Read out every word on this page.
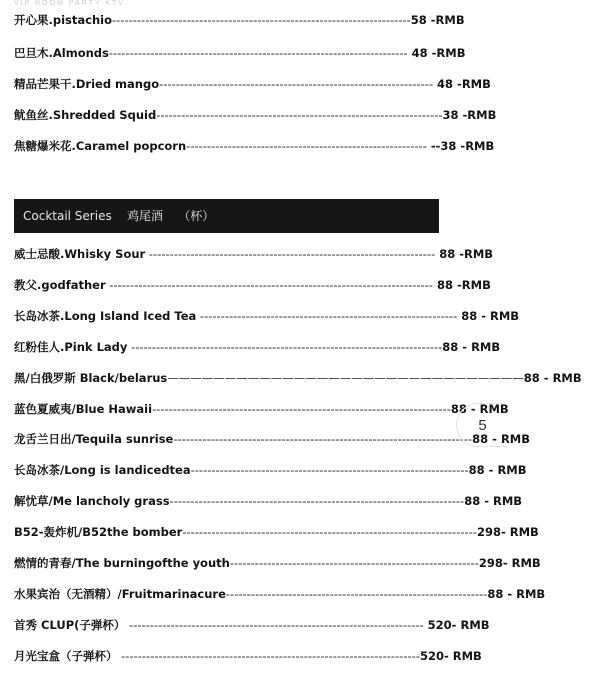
VIP ROOM PARTY KTV
开心果.pistachio------------------------------------------------------------------------58 -RMB
巴旦木.Almonds------------------------------------------------------------------------ 48 -RMB
精品芒果干.Dried mango------------------------------------------------------------------ 48 -RMB
鱿鱼丝.Shredded Squid---------------------------------------------------------------------38 -RMB
焦糖爆米花.Caramel popcorn---------------------------------------------------------- --38 -RMB
Cocktail Series 鸡尾酒 （杯）
威士忌酸.Whisky Sour --------------------------------------------------------------------- 88 -RMB
教父.godfather ------------------------------------------------------------------------------ 88 -RMB
长岛冰茶.Long Island Iced Tea -------------------------------------------------------------- 88 - RMB
红粉佳人.Pink Lady ---------------------------------------------------------------------------88 - RMB
黑/白俄罗斯 Black/belarus———————————————————————————————88 - RMB
蓝色夏威夷/Blue Hawaii------------------------------------------------------------------------88 - RMB
龙舌兰日出/Tequila sunrise------------------------------------------------------------------------88 - RMB
长岛冰茶/Long is landicedtea-------------------------------------------------------------------88 - RMB
解忧草/Me lancholy grass-----------------------------------------------------------------------88 - RMB
B52-轰炸机/B52the bomber-----------------------------------------------------------------------298- RMB
燃情的青春/The burningofthe youth------------------------------------------------------------298- RMB
水果宾治（无酒精）/Fruitmarinacure---------------------------------------------------------------88 - RMB
首秀 CLUP(子弹杯） ----------------------------------------------------------------------- 520- RMB
月光宝盒（子弹杯） ------------------------------------------------------------------------520- RMB
5
